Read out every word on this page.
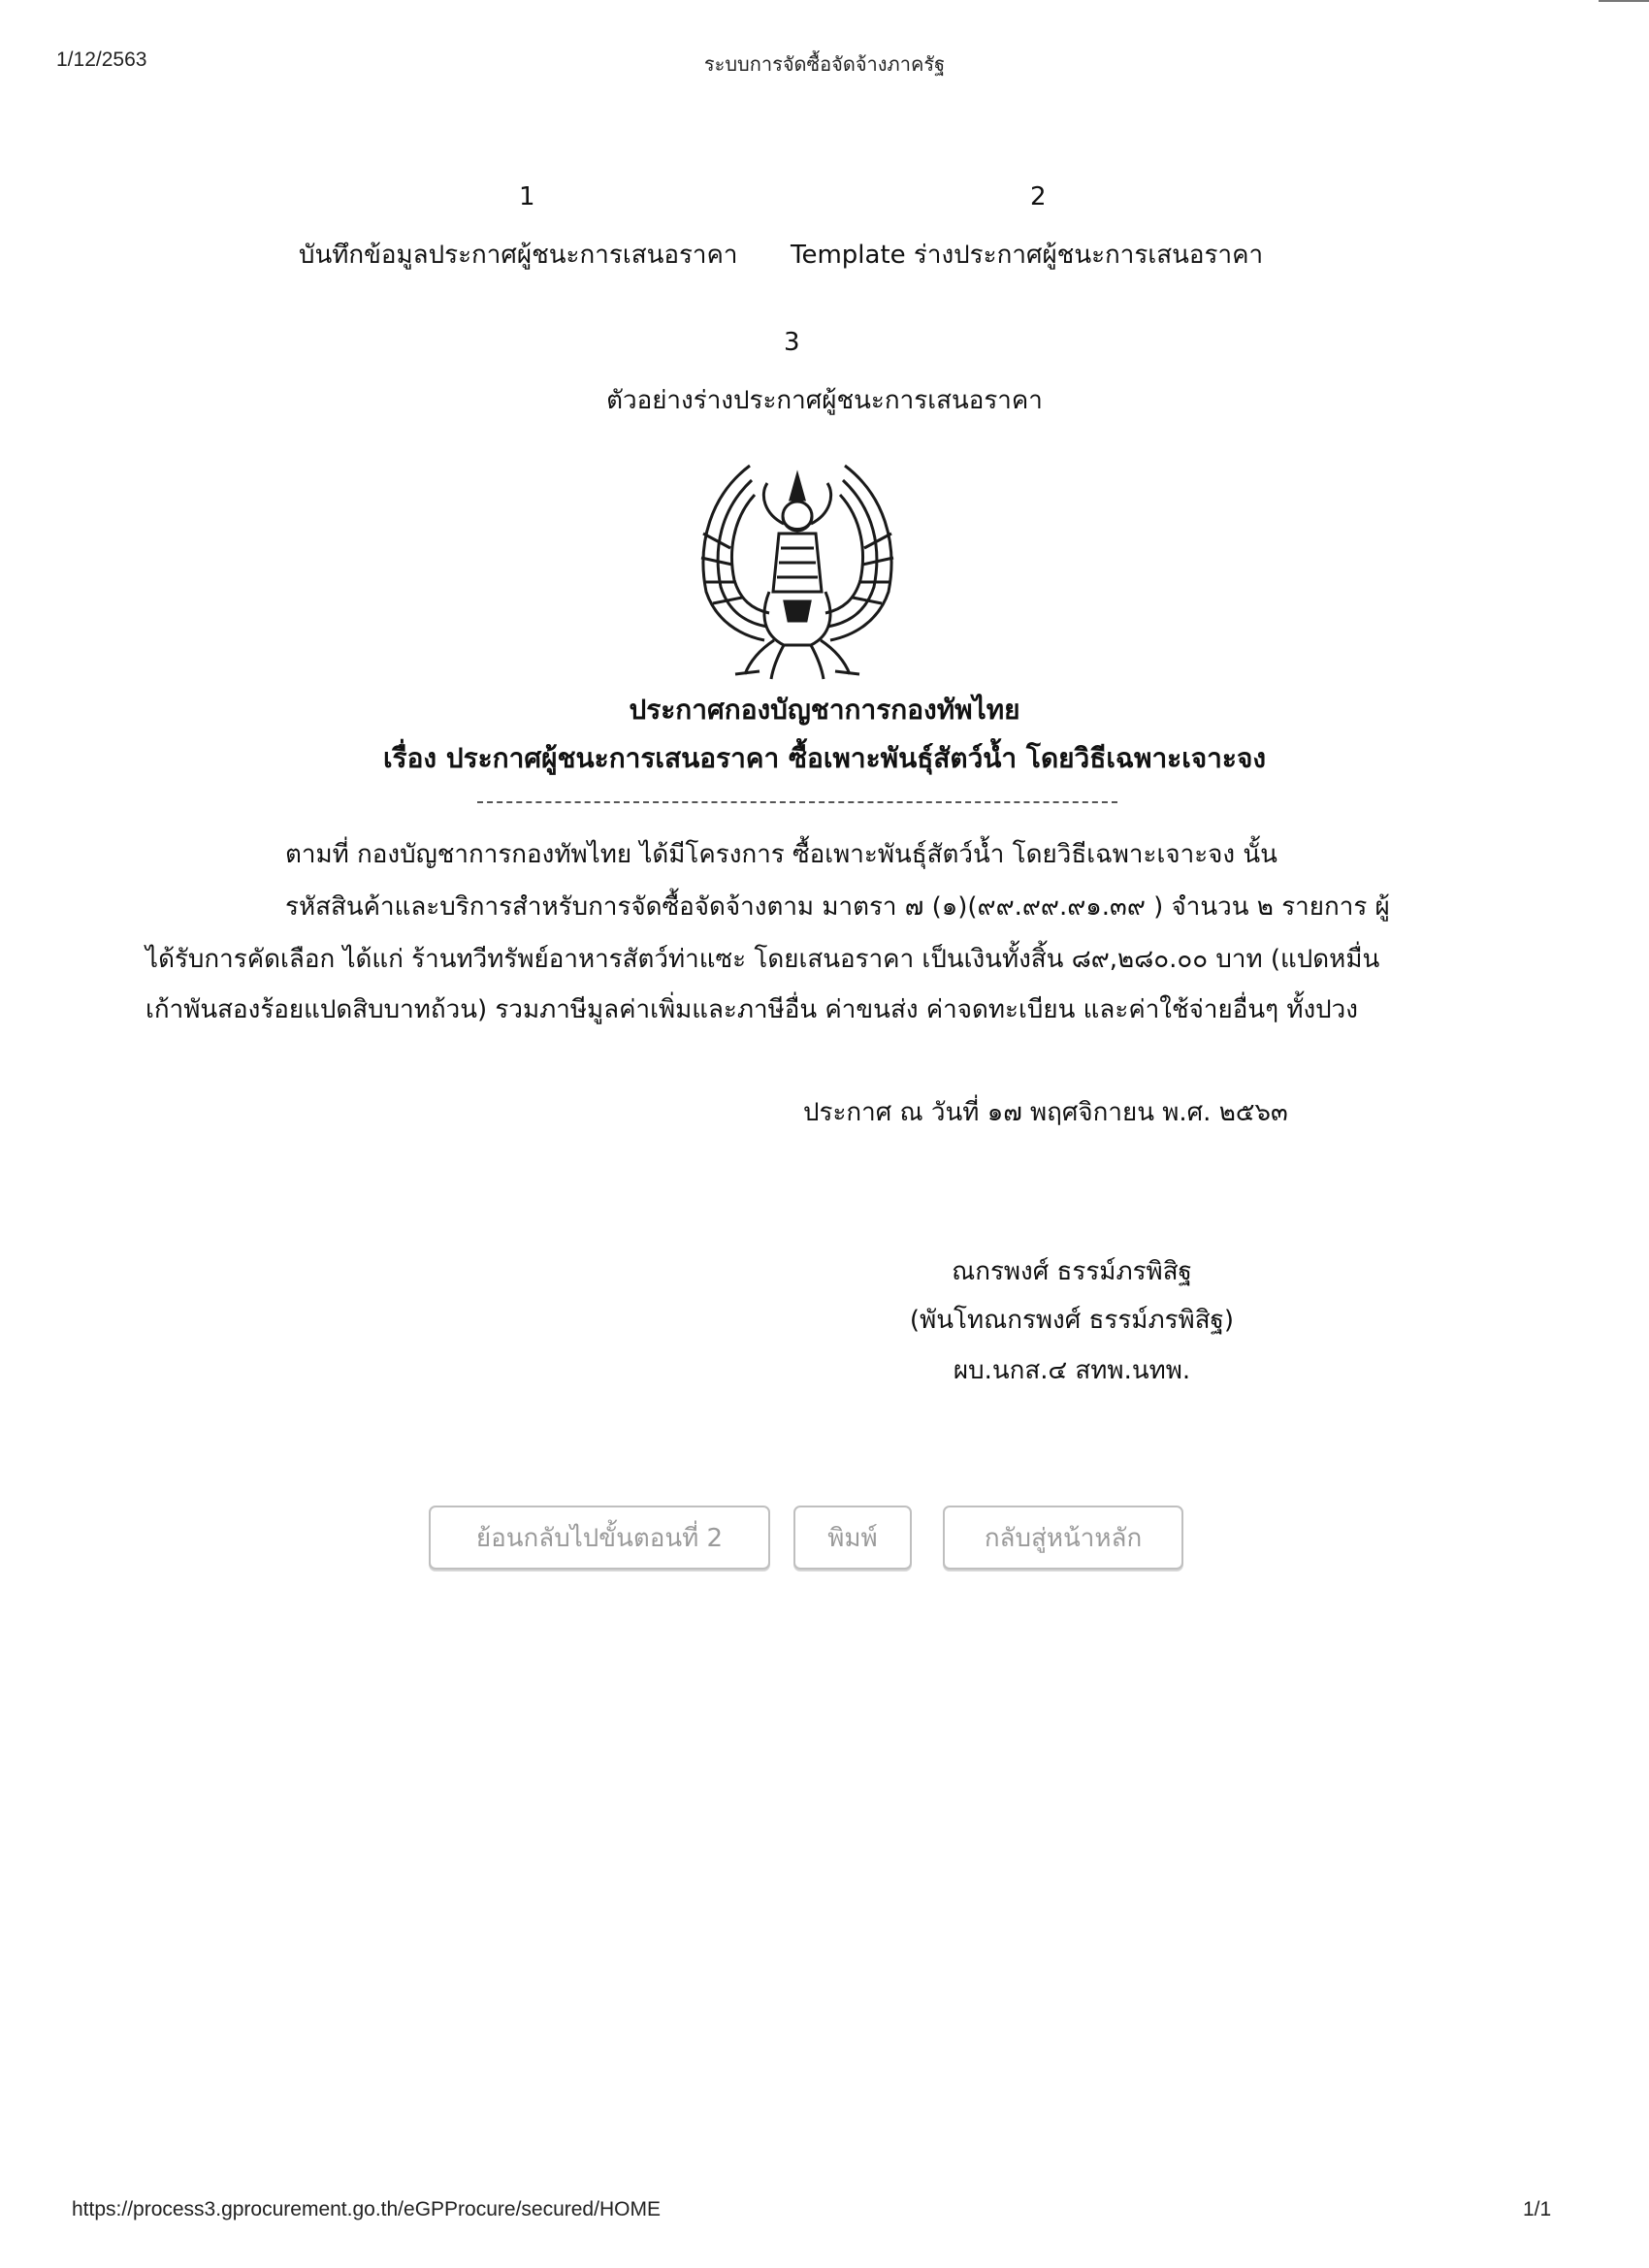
1/12/2563	ระบบการจัดซื้อจัดจ้างภาครัฐ
1
บันทึกข้อมูลประกาศผู้ชนะการเสนอราคา
2
Template ร่างประกาศผู้ชนะการเสนอราคา
3
ตัวอย่างร่างประกาศผู้ชนะการเสนอราคา
ประกาศกองบัญชาการกองทัพไทย
เรื่อง ประกาศผู้ชนะการเสนอราคา ซื้อเพาะพันธุ์สัตว์น้ำ โดยวิธีเฉพาะเจาะจง
ตามที่ กองบัญชาการกองทัพไทย ได้มีโครงการ ซื้อเพาะพันธุ์สัตว์น้ำ โดยวิธีเฉพาะเจาะจง นั้น
รหัสสินค้าและบริการสำหรับการจัดซื้อจัดจ้างตาม มาตรา ๗ (๑)(๙๙.๙๙.๙๑.๓๙ ) จำนวน ๒ รายการ ผู้
ได้รับการคัดเลือก ได้แก่ ร้านทวีทรัพย์อาหารสัตว์ท่าแซะ โดยเสนอราคา เป็นเงินทั้งสิ้น ๘๙,๒๘๐.๐๐ บาท (แปดหมื่น
เก้าพันสองร้อยแปดสิบบาทถ้วน) รวมภาษีมูลค่าเพิ่มและภาษีอื่น ค่าขนส่ง ค่าจดทะเบียน และค่าใช้จ่ายอื่นๆ ทั้งปวง
ประกาศ ณ วันที่ ๑๗ พฤศจิกายน พ.ศ. ๒๕๖๓
ณกรพงศ์ ธรรม์ภรพิสิฐ
(พันโทณกรพงศ์ ธรรม์ภรพิสิฐ)
ผบ.นกส.๔ สทพ.นทพ.
ย้อนกลับไปขั้นตอนที่ 2	พิมพ์	กลับสู่หน้าหลัก
https://process3.gprocurement.go.th/eGPProcure/secured/HOME	1/1
